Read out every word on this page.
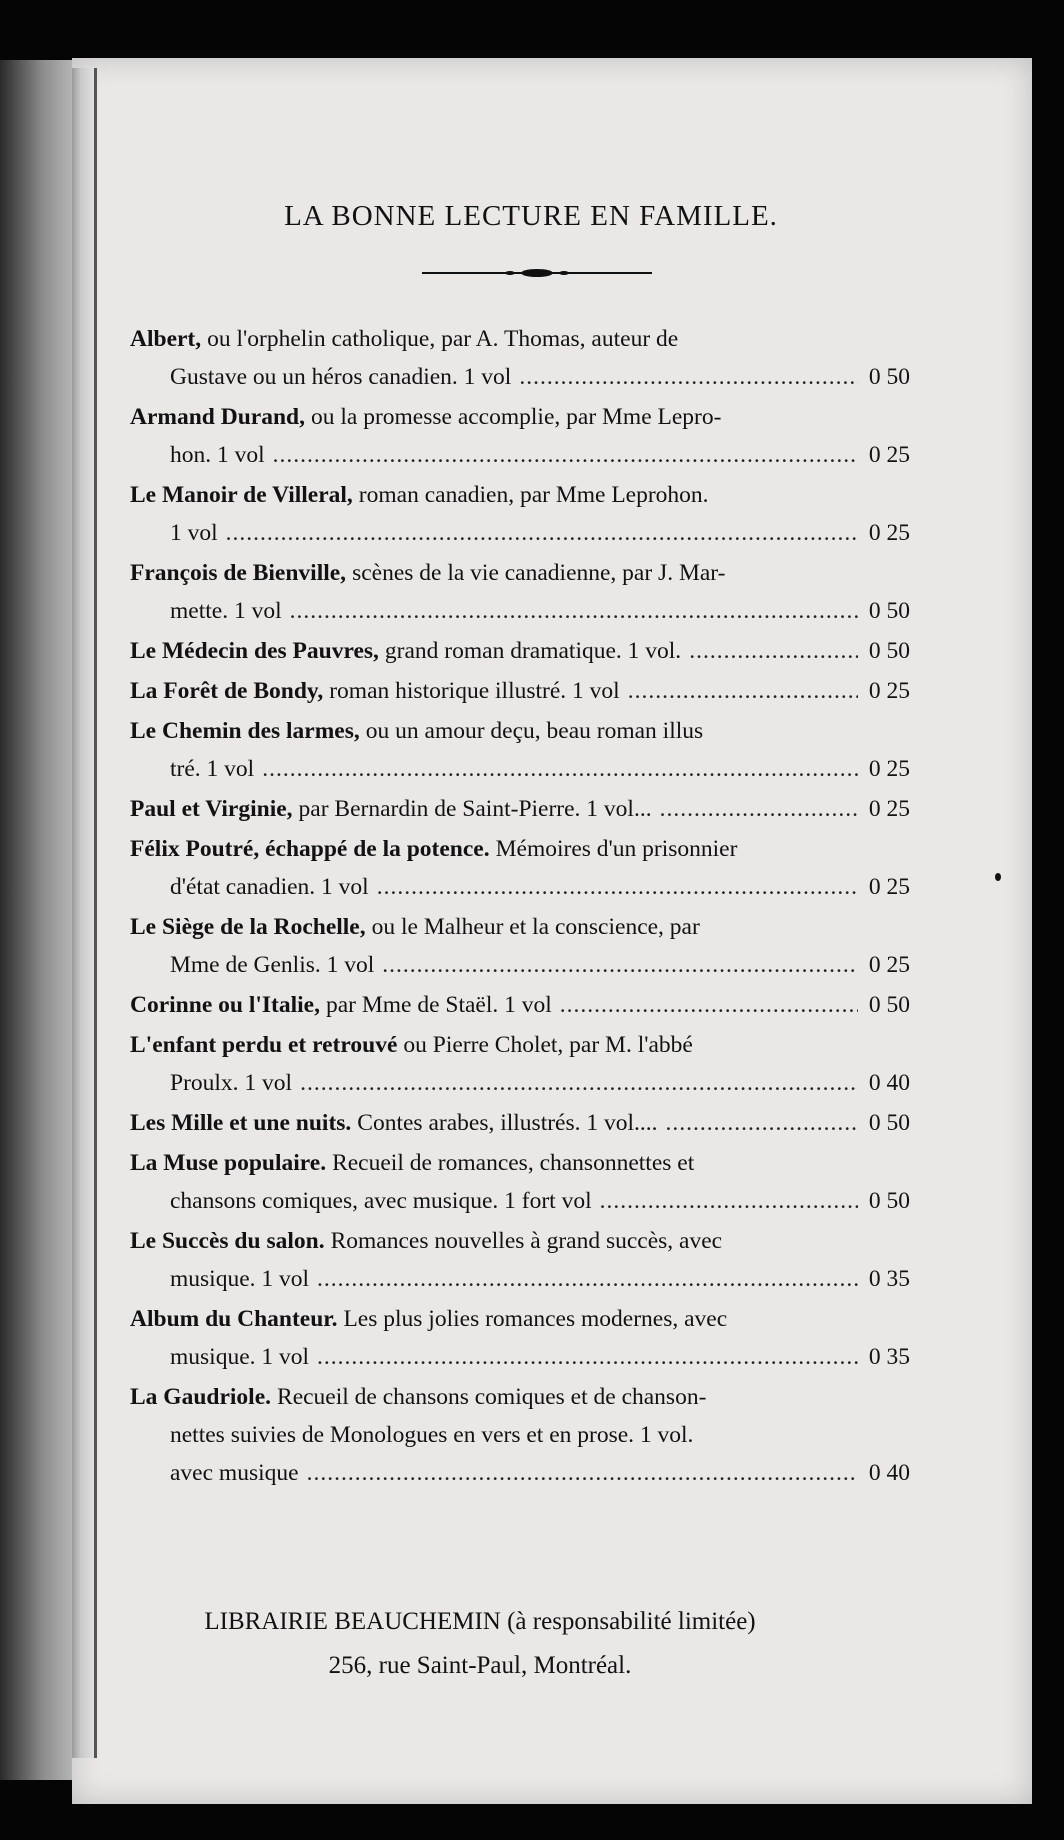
LA BONNE LECTURE EN FAMILLE.
Albert, ou l'orphelin catholique, par A. Thomas, auteur de
Gustave ou un héros canadien. 1 vol .....	0 50
Armand Durand, ou la promesse accomplie, par Mme Lepro-
hon. 1 vol .....	0 25
Le Manoir de Villeral, roman canadien, par Mme Leprohon.
1 vol .....	0 25
François de Bienville, scènes de la vie canadienne, par J. Mar-
mette. 1 vol .....	0 50
Le Médecin des Pauvres, grand roman dramatique. 1 vol. .....	0 50
La Forêt de Bondy, roman historique illustré. 1 vol .....	0 25
Le Chemin des larmes, ou un amour deçu, beau roman illus
tré. 1 vol .....	0 25
Paul et Virginie, par Bernardin de Saint-Pierre. 1 vol... .....	0 25
Félix Poutré, échappé de la potence. Mémoires d'un prisonnier
d'état canadien. 1 vol .....	0 25
Le Siège de la Rochelle, ou le Malheur et la conscience, par
Mme de Genlis. 1 vol .....	0 25
Corinne ou l'Italie, par Mme de Staël. 1 vol .....	0 50
L'enfant perdu et retrouvé ou Pierre Cholet, par M. l'abbé
Proulx. 1 vol .....	0 40
Les Mille et une nuits. Contes arabes, illustrés. 1 vol.... .....	0 50
La Muse populaire. Recueil de romances, chansonnettes et
chansons comiques, avec musique. 1 fort vol .....	0 50
Le Succès du salon. Romances nouvelles à grand succès, avec
musique. 1 vol .....	0 35
Album du Chanteur. Les plus jolies romances modernes, avec
musique. 1 vol .....	0 35
La Gaudriole. Recueil de chansons comiques et de chanson-
nettes suivies de Monologues en vers et en prose. 1 vol.
avec musique .....	0 40
LIBRAIRIE BEAUCHEMIN (à responsabilité limitée)
256, rue Saint-Paul, Montréal.
